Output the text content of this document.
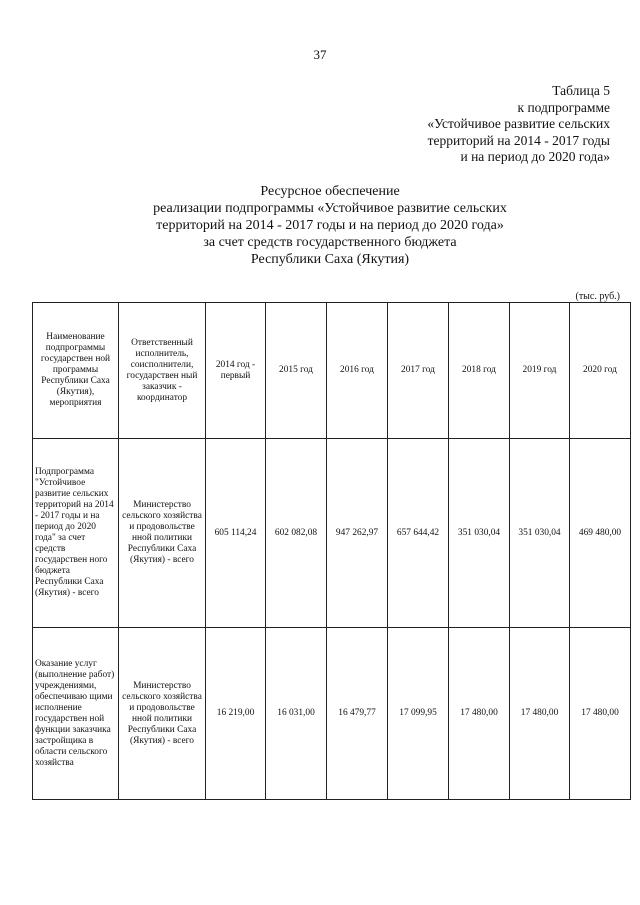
37
Таблица 5
к подпрограмме
«Устойчивое развитие сельских
территорий на 2014 - 2017 годы
и на период до 2020 года»
Ресурсное обеспечение
реализации подпрограммы «Устойчивое развитие сельских
территорий на 2014 - 2017 годы и на период до 2020 года»
за счет средств государственного бюджета
Республики Саха (Якутия)
(тыс. руб.)
Наименование подпрограммы государствен ной программы Республики Саха (Якутия), мероприятия	Ответственный исполнитель, соисполнители, государствен ный заказчик - координатор	2014 год - первый	2015 год	2016 год	2017 год	2018 год	2019 год	2020 год
Подпрограмма "Устойчивое развитие сельских территорий на 2014 - 2017 годы и на период до 2020 года" за счет средств государствен ного бюджета Республики Саха (Якутия) - всего	Министерство сельского хозяйства и продовольстве нной политики Республики Саха (Якутия) - всего	605 114,24	602 082,08	947 262,97	657 644,42	351 030,04	351 030,04	469 480,00
Оказание услуг (выполнение работ) учреждениями, обеспечиваю щими исполнение государствен ной функции заказчика застройщика в области сельского хозяйства	Министерство сельского хозяйства и продовольстве нной политики Республики Саха (Якутия) - всего	16 219,00	16 031,00	16 479,77	17 099,95	17 480,00	17 480,00	17 480,00
